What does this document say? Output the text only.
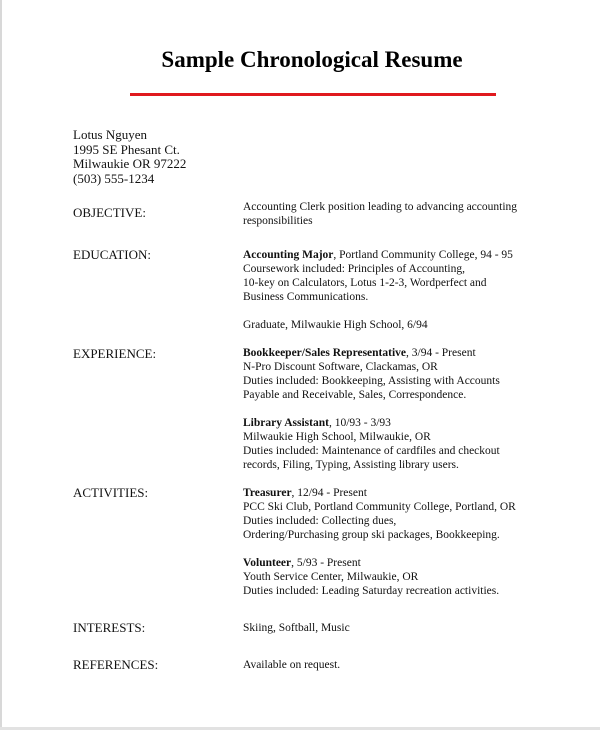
Sample Chronological Resume
Lotus Nguyen
1995 SE Phesant Ct.
Milwaukie OR 97222
(503) 555-1234
OBJECTIVE:	Accounting Clerk position leading to advancing accounting
responsibilities
EDUCATION:	Accounting Major, Portland Community College, 94 - 95
Coursework included: Principles of Accounting,
10-key on Calculators, Lotus 1-2-3, Wordperfect and
Business Communications.
Graduate, Milwaukie High School, 6/94
EXPERIENCE:	Bookkeeper/Sales Representative, 3/94 - Present
N-Pro Discount Software, Clackamas, OR
Duties included: Bookkeeping, Assisting with Accounts
Payable and Receivable, Sales, Correspondence.
Library Assistant, 10/93 - 3/93
Milwaukie High School, Milwaukie, OR
Duties included: Maintenance of cardfiles and checkout
records, Filing, Typing, Assisting library users.
ACTIVITIES:	Treasurer, 12/94 - Present
PCC Ski Club, Portland Community College, Portland, OR
Duties included: Collecting dues,
Ordering/Purchasing group ski packages, Bookkeeping.
Volunteer, 5/93 - Present
Youth Service Center, Milwaukie, OR
Duties included: Leading Saturday recreation activities.
INTERESTS:	Skiing, Softball, Music
REFERENCES:	Available on request.
